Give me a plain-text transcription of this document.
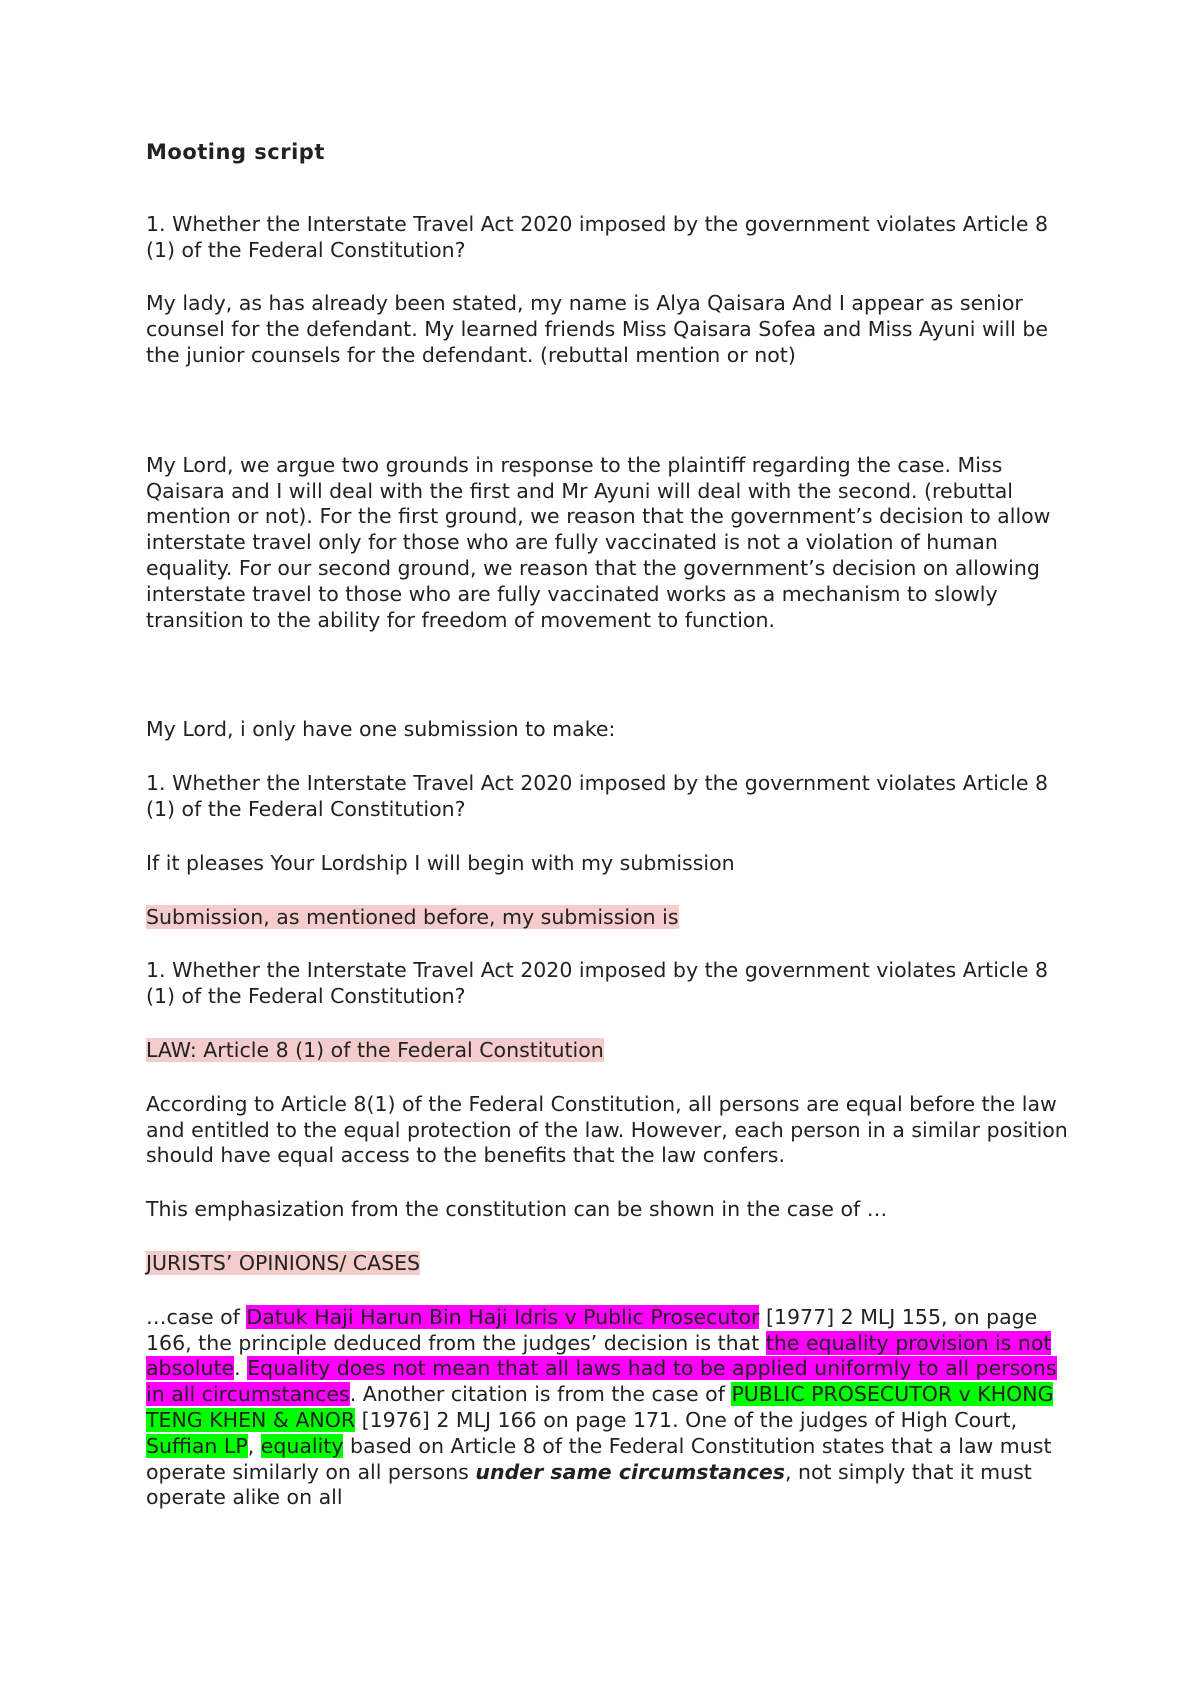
Mooting script

1. Whether the Interstate Travel Act 2020 imposed by the government violates Article 8 (1) of the Federal Constitution?

My lady, as has already been stated, my name is Alya Qaisara And I appear as senior counsel for the defendant. My learned friends Miss Qaisara Sofea and Miss Ayuni will be the junior counsels for the defendant. (rebuttal mention or not)

My Lord, we argue two grounds in response to the plaintiff regarding the case. Miss Qaisara and I will deal with the first and Mr Ayuni will deal with the second. (rebuttal mention or not). For the first ground, we reason that the government’s decision to allow interstate travel only for those who are fully vaccinated is not a violation of human equality. For our second ground, we reason that the government’s decision on allowing interstate travel to those who are fully vaccinated works as a mechanism to slowly transition to the ability for freedom of movement to function.

My Lord, i only have one submission to make:

1. Whether the Interstate Travel Act 2020 imposed by the government violates Article 8 (1) of the Federal Constitution?

If it pleases Your Lordship I will begin with my submission

Submission, as mentioned before, my submission is

1. Whether the Interstate Travel Act 2020 imposed by the government violates Article 8 (1) of the Federal Constitution?

LAW: Article 8 (1) of the Federal Constitution

According to Article 8(1) of the Federal Constitution, all persons are equal before the law and entitled to the equal protection of the law. However, each person in a similar position should have equal access to the benefits that the law confers.

This emphasization from the constitution can be shown in the case of …

JURISTS’ OPINIONS/ CASES

…case of Datuk Haji Harun Bin Haji Idris v Public Prosecutor [1977] 2 MLJ 155, on page 166, the principle deduced from the judges’ decision is that the equality provision is not absolute. Equality does not mean that all laws had to be applied uniformly to all persons in all circumstances. Another citation is from the case of PUBLIC PROSECUTOR v KHONG TENG KHEN & ANOR [1976] 2 MLJ 166 on page 171. One of the judges of High Court, Suffian LP, equality based on Article 8 of the Federal Constitution states that a law must operate similarly on all persons under same circumstances, not simply that it must operate alike on all
